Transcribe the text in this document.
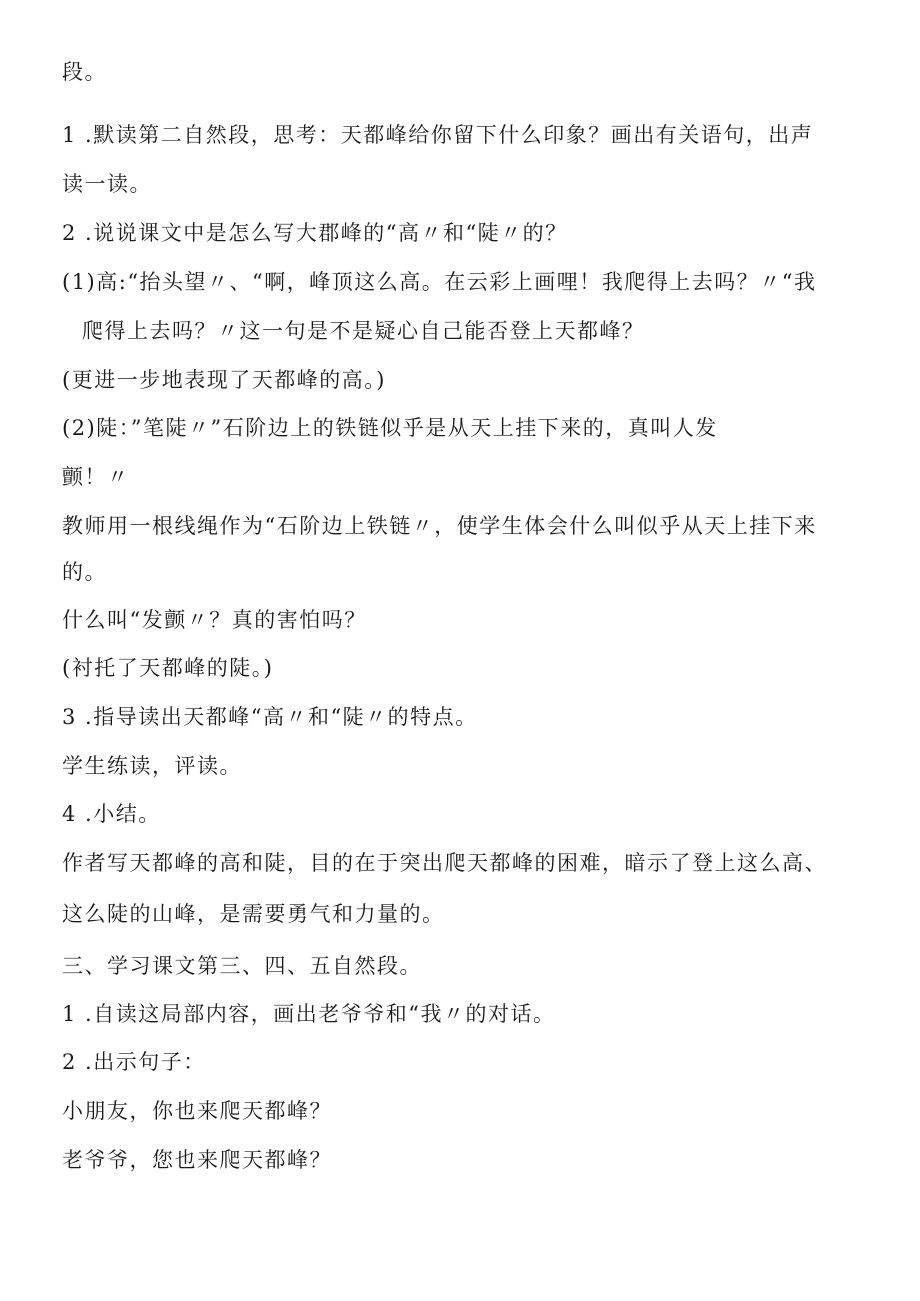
段。
1 .默读第二自然段，思考：天都峰给你留下什么印象？画出有关语句，出声
读一读。
2 .说说课文中是怎么写大郡峰的“高〃和“陡〃的？
(1)高:“抬头望〃、“啊，峰顶这么高。在云彩上画哩！我爬得上去吗？〃“我
爬得上去吗？〃这一句是不是疑心自己能否登上天都峰？
(更进一步地表现了天都峰的高。)
(2)陡：”笔陡〃”石阶边上的铁链似乎是从天上挂下来的，真叫人发
颤！〃
教师用一根线绳作为“石阶边上铁链〃，使学生体会什么叫似乎从天上挂下来
的。
什么叫“发颤〃？真的害怕吗？
(衬托了天都峰的陡。)
3 .指导读出天都峰“高〃和“陡〃的特点。
学生练读，评读。
4 .小结。
作者写天都峰的高和陡，目的在于突出爬天都峰的困难，暗示了登上这么高、
这么陡的山峰，是需要勇气和力量的。
三、学习课文第三、四、五自然段。
1 .自读这局部内容，画出老爷爷和“我〃的对话。
2 .出示句子：
小朋友，你也来爬天都峰？
老爷爷，您也来爬天都峰？
